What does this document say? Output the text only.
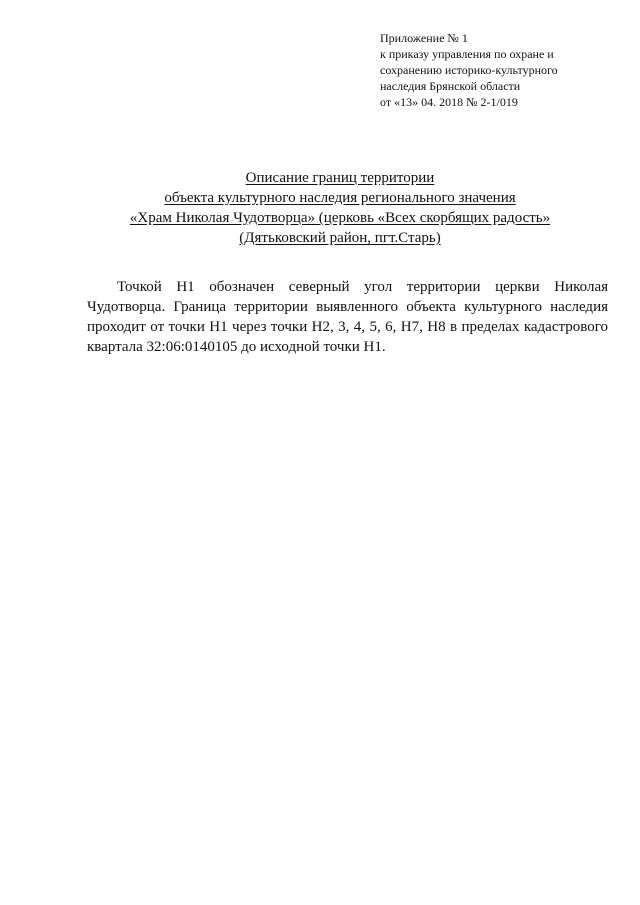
Приложение № 1
к приказу управления по охране и
сохранению историко-культурного
наследия Брянской области
от «13» 04. 2018 № 2-1/019
Описание границ территории
объекта культурного наследия регионального значения
«Храм Николая Чудотворца» (церковь «Всех скорбящих радость»
(Дятьковский район, пгт.Старь)

Точкой Н1 обозначен северный угол территории церкви Николая Чудотворца. Граница территории выявленного объекта культурного наследия проходит от точки Н1 через точки Н2, 3, 4, 5, 6, Н7, Н8 в пределах кадастрового квартала 32:06:0140105 до исходной точки Н1.
